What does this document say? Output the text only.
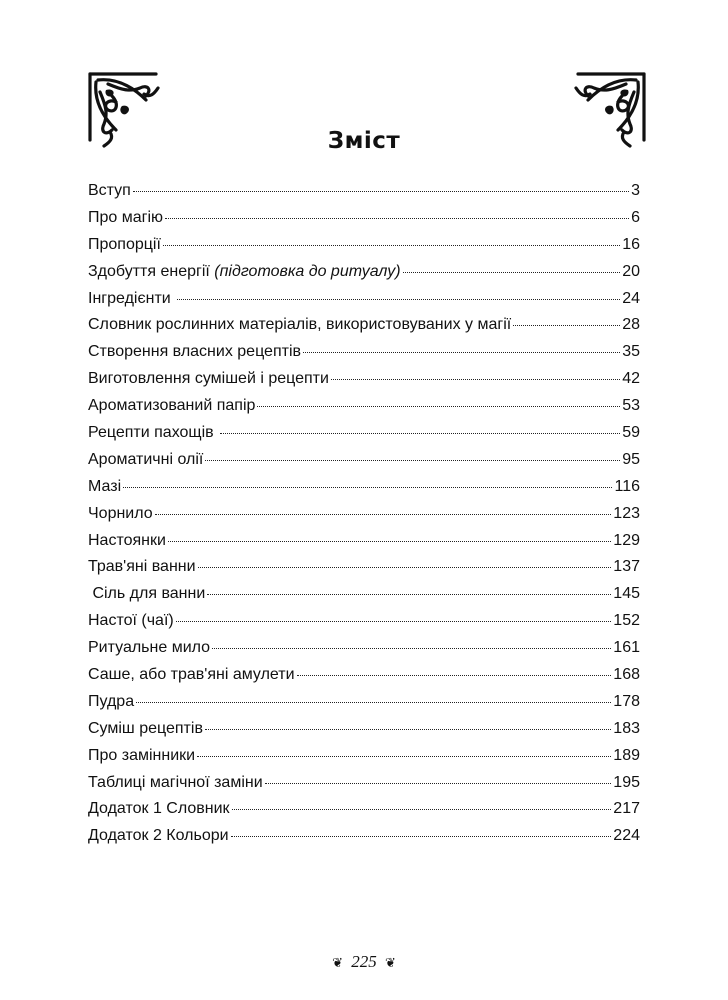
Зміст
Вступ	3
Про магію	6
Пропорції	16
Здобуття енергії (підготовка до ритуалу)	20
Інгредієнти	24
Словник рослинних матеріалів, використовуваних у магії	28
Створення власних рецептів	35
Виготовлення сумішей і рецепти	42
Ароматизований папір	53
Рецепти пахощів	59
Ароматичні олії	95
Мазі	116
Чорнило	123
Настоянки	129
Трав'яні ванни	137
Сіль для ванни	145
Настої (чаї)	152
Ритуальне мило	161
Саше, або трав'яні амулети	168
Пудра	178
Суміш рецептів	183
Про замінники	189
Таблиці магічної заміни	195
Додаток 1 Словник	217
Додаток 2 Кольори	224
❦ 225 ❦
